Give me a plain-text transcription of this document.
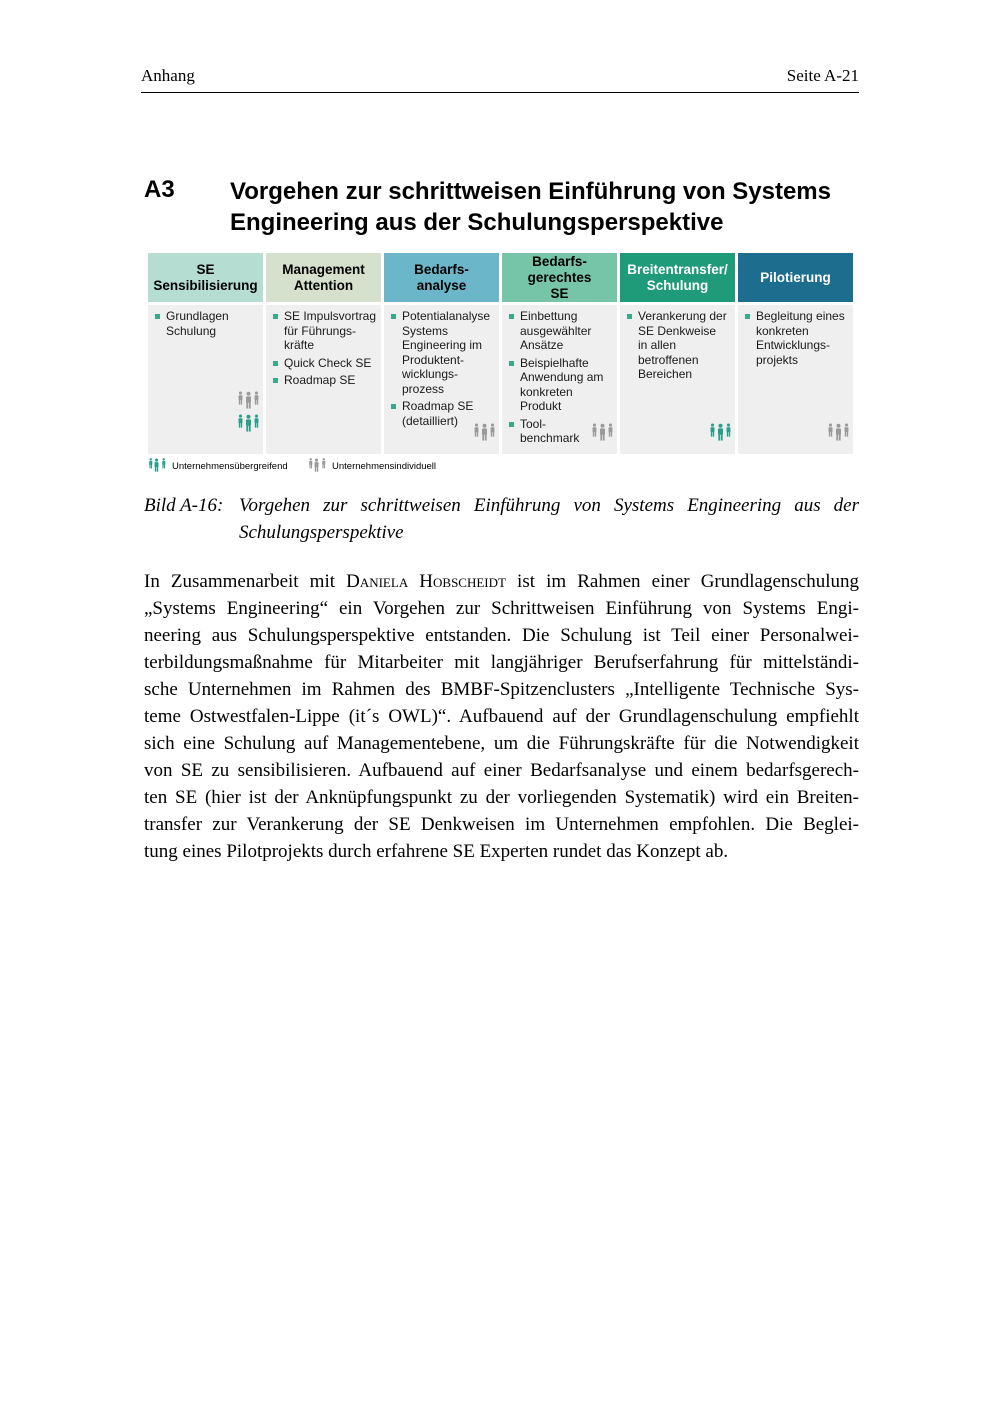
Anhang	Seite A-21
A3 Vorgehen zur schrittweisen Einführung von Systems
Engineering aus der Schulungsperspektive
SE
Sensibilisierung
Grundlagen
Schulung
Management
Attention
SE Impulsvortrag
für Führungs-
kräfte
Quick Check SE
Roadmap SE
Bedarfs-
analyse
Potentialanalyse
Systems
Engineering im
Produktent-
wicklungs-
prozess
Roadmap SE
(detailliert)
Bedarfs-
gerechtes
SE
Einbettung
ausgewählter
Ansätze
Beispielhafte
Anwendung am
konkreten
Produkt
Tool-
benchmark
Breitentransfer/
Schulung
Verankerung der
SE Denkweise
in allen
betroffenen
Bereichen
Pilotierung
Begleitung eines
konkreten
Entwicklungs-
projekts
Unternehmensübergreifend	Unternehmensindividuell
Bild A-16: Vorgehen zur schrittweisen Einführung von Systems Engineering aus der
Schulungsperspektive
In Zusammenarbeit mit Daniela Hobscheidt ist im Rahmen einer Grundlagenschulung
„Systems Engineering“ ein Vorgehen zur Schrittweisen Einführung von Systems Engi-
neering aus Schulungsperspektive entstanden. Die Schulung ist Teil einer Personalwei-
terbildungsmaßnahme für Mitarbeiter mit langjähriger Berufserfahrung für mittelständi-
sche Unternehmen im Rahmen des BMBF-Spitzenclusters „Intelligente Technische Sys-
teme Ostwestfalen-Lippe (it´s OWL)“. Aufbauend auf der Grundlagenschulung empfiehlt
sich eine Schulung auf Managementebene, um die Führungskräfte für die Notwendigkeit
von SE zu sensibilisieren. Aufbauend auf einer Bedarfsanalyse und einem bedarfsgerech-
ten SE (hier ist der Anknüpfungspunkt zu der vorliegenden Systematik) wird ein Breiten-
transfer zur Verankerung der SE Denkweisen im Unternehmen empfohlen. Die Beglei-
tung eines Pilotprojekts durch erfahrene SE Experten rundet das Konzept ab.
